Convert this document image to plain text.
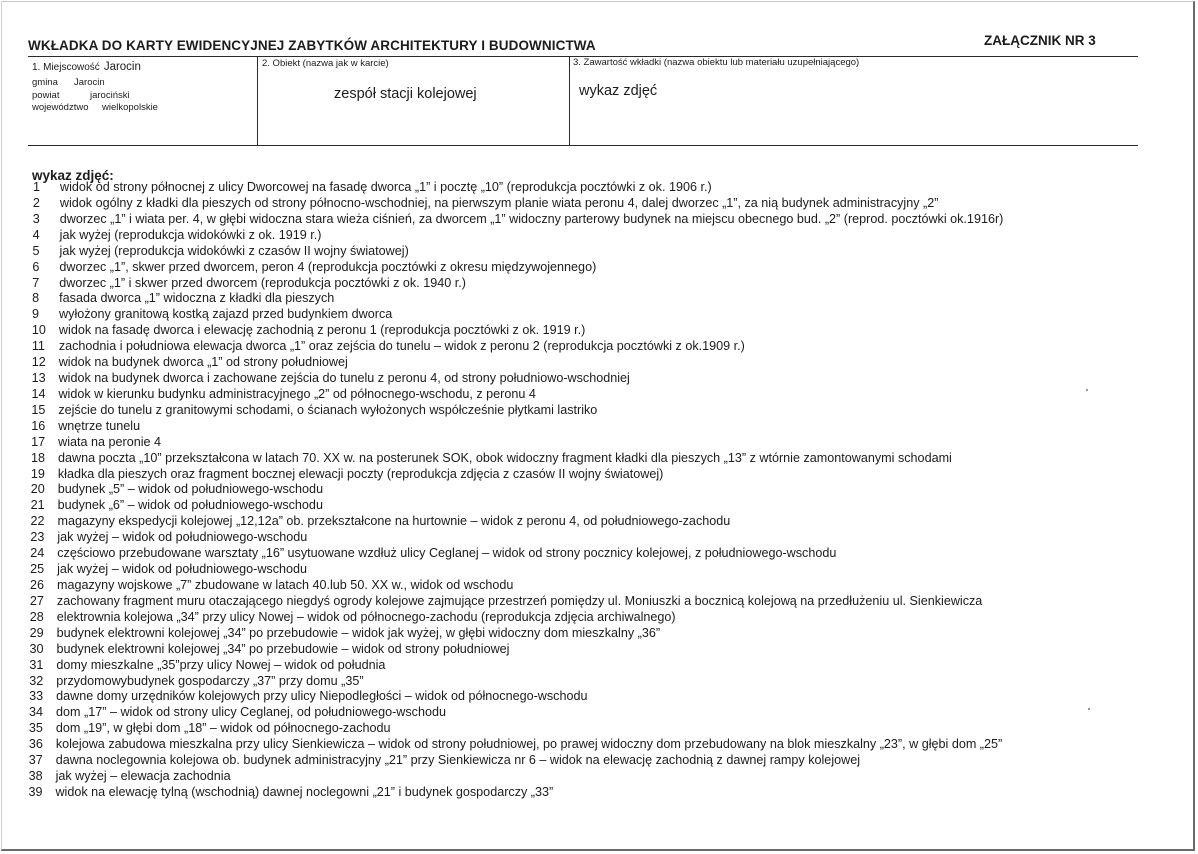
WKŁADKA DO KARTY EWIDENCYJNEJ ZABYTKÓW ARCHITEKTURY I BUDOWNICTWA	ZAŁĄCZNIK NR 3
1. Miejscowość Jarocin
gmina Jarocin
powiat	jarociński
województwo wielkopolskie
2. Obiekt (nazwa jak w karcie)
zespół stacji kolejowej
3. Zawartość wkładki (nazwa obiektu lub materiału uzupełniającego)
wykaz zdjęć
wykaz zdjęć:
1	widok od strony północnej z ulicy Dworcowej na fasadę dworca „1” i pocztę „10” (reprodukcja pocztówki z ok. 1906 r.)
2	widok ogólny z kładki dla pieszych od strony północno-wschodniej, na pierwszym planie wiata peronu 4, dalej dworzec „1”, za nią budynek administracyjny „2”
3	dworzec „1” i wiata per. 4, w głębi widoczna stara wieża ciśnień, za dworcem „1” widoczny parterowy budynek na miejscu obecnego bud. „2” (reprod. pocztówki ok.1916r)
4	jak wyżej (reprodukcja widokówki z ok. 1919 r.)
5	jak wyżej (reprodukcja widokówki z czasów II wojny światowej)
6	dworzec „1”, skwer przed dworcem, peron 4 (reprodukcja pocztówki z okresu międzywojennego)
7	dworzec „1” i skwer przed dworcem (reprodukcja pocztówki z ok. 1940 r.)
8	fasada dworca „1” widoczna z kładki dla pieszych
9	wyłożony granitową kostką zajazd przed budynkiem dworca
10	widok na fasadę dworca i elewację zachodnią z peronu 1 (reprodukcja pocztówki z ok. 1919 r.)
11	zachodnia i południowa elewacja dworca „1” oraz zejścia do tunelu – widok z peronu 2 (reprodukcja pocztówki z ok.1909 r.)
12	widok na budynek dworca „1” od strony południowej
13	widok na budynek dworca i zachowane zejścia do tunelu z peronu 4, od strony południowo-wschodniej
14	widok w kierunku budynku administracyjnego „2” od północnego-wschodu, z peronu 4
15	zejście do tunelu z granitowymi schodami, o ścianach wyłożonych współcześnie płytkami lastriko
16	wnętrze tunelu
17	wiata na peronie 4
18	dawna poczta „10” przekształcona w latach 70. XX w. na posterunek SOK, obok widoczny fragment kładki dla pieszych „13” z wtórnie zamontowanymi schodami
19	kładka dla pieszych oraz fragment bocznej elewacji poczty (reprodukcja zdjęcia z czasów II wojny światowej)
20	budynek „5” – widok od południowego-wschodu
21	budynek „6” – widok od południowego-wschodu
22	magazyny ekspedycji kolejowej „12,12a” ob. przekształcone na hurtownie – widok z peronu 4, od południowego-zachodu
23	jak wyżej – widok od południowego-wschodu
24	częściowo przebudowane warsztaty „16” usytuowane wzdłuż ulicy Ceglanej – widok od strony pocznicy kolejowej, z południowego-wschodu
25	jak wyżej – widok od południowego-wschodu
26	magazyny wojskowe „7” zbudowane w latach 40.lub 50. XX w., widok od wschodu
27	zachowany fragment muru otaczającego niegdyś ogrody kolejowe zajmujące przestrzeń pomiędzy ul. Moniuszki a bocznicą kolejową na przedłużeniu ul. Sienkiewicza
28	elektrownia kolejowa „34” przy ulicy Nowej – widok od północnego-zachodu (reprodukcja zdjęcia archiwalnego)
29	budynek elektrowni kolejowej „34” po przebudowie – widok jak wyżej, w głębi widoczny dom mieszkalny „36”
30	budynek elektrowni kolejowej „34” po przebudowie – widok od strony południowej
31	domy mieszkalne „35”przy ulicy Nowej – widok od południa
32	przydomowybudynek gospodarczy „37” przy domu „35”
33	dawne domy urzędników kolejowych przy ulicy Niepodległości – widok od północnego-wschodu
34	dom „17” – widok od strony ulicy Ceglanej, od południowego-wschodu
35	dom „19”, w głębi dom „18” – widok od północnego-zachodu
36	kolejowa zabudowa mieszkalna przy ulicy Sienkiewicza – widok od strony południowej, po prawej widoczny dom przebudowany na blok mieszkalny „23”, w głębi dom „25”
37	dawna noclegownia kolejowa ob. budynek administracyjny „21” przy Sienkiewicza nr 6 – widok na elewację zachodnią z dawnej rampy kolejowej
38	jak wyżej – elewacja zachodnia
39	widok na elewację tylną (wschodnią) dawnej noclegowni „21” i budynek gospodarczy „33”
